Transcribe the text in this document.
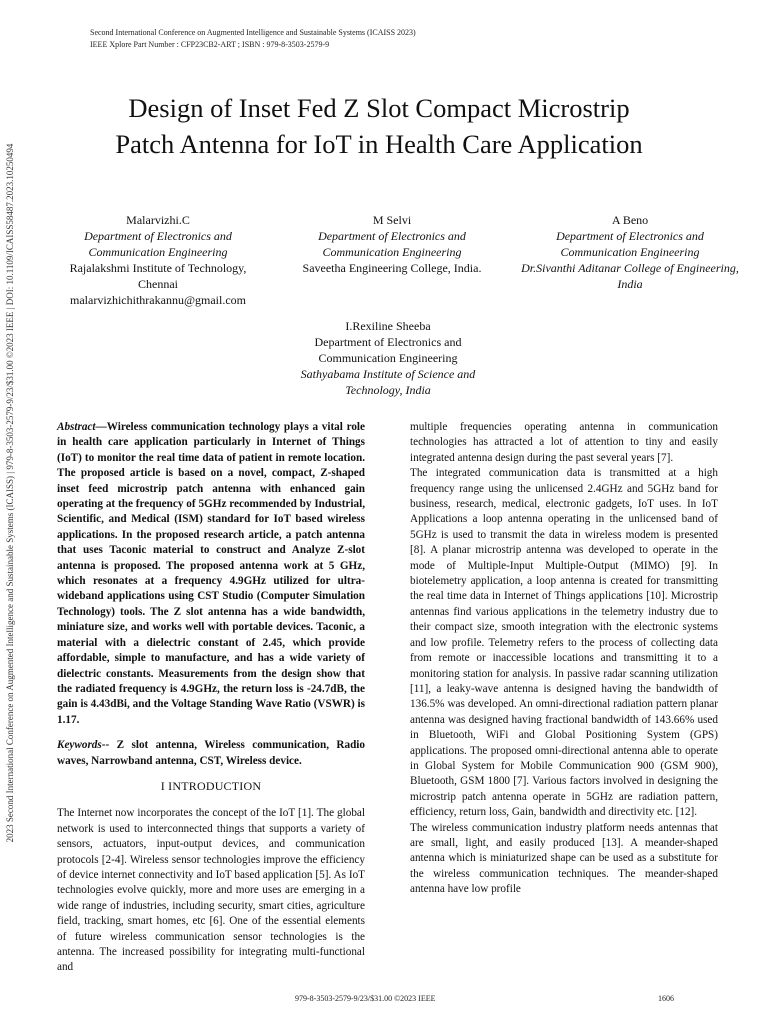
Second International Conference on Augmented Intelligence and Sustainable Systems (ICAISS 2023)
IEEE Xplore Part Number : CFP23CB2-ART ; ISBN : 979-8-3503-2579-9
2023 Second International Conference on Augmented Intelligence and Sustainable Systems (ICAISS) | 979-8-3503-2579-9/23/$31.00 ©2023 IEEE | DOI: 10.1109/ICAISS58487.2023.10250494
Design of Inset Fed Z Slot Compact Microstrip Patch Antenna for IoT in Health Care Application
Malarvizhi.C
Department of Electronics and Communication Engineering
Rajalakshmi Institute of Technology, Chennai
malarvizhichithrakannu@gmail.com
M Selvi
Department of Electronics and Communication Engineering
Saveetha Engineering College, India.
A Beno
Department of Electronics and Communication Engineering
Dr.Sivanthi Aditanar College of Engineering, India
I.Rexiline Sheeba
Department of Electronics and Communication Engineering
Sathyabama Institute of Science and Technology, India

Abstract—Wireless communication technology plays a vital role in health care application particularly in Internet of Things (IoT) to monitor the real time data of patient in remote location. The proposed article is based on a novel, compact, Z-shaped inset feed microstrip patch antenna with enhanced gain operating at the frequency of 5GHz recommended by Industrial, Scientific, and Medical (ISM) standard for IoT based wireless applications. In the proposed research article, a patch antenna that uses Taconic material to construct and Analyze Z-slot antenna is proposed. The proposed antenna work at 5 GHz, which resonates at a frequency 4.9GHz utilized for ultra-wideband applications using CST Studio (Computer Simulation Technology) tools. The Z slot antenna has a wide bandwidth, miniature size, and works well with portable devices. Taconic, a material with a dielectric constant of 2.45, which provide affordable, simple to manufacture, and has a wide variety of dielectric constants. Measurements from the design show that the radiated frequency is 4.9GHz, the return loss is -24.7dB, the gain is 4.43dBi, and the Voltage Standing Wave Ratio (VSWR) is 1.17.

Keywords-- Z slot antenna, Wireless communication, Radio waves, Narrowband antenna, CST, Wireless device.

I INTRODUCTION

The Internet now incorporates the concept of the IoT [1]. The global network is used to interconnected things that supports a variety of sensors, actuators, input-output devices, and communication protocols [2-4]. Wireless sensor technologies improve the efficiency of device internet connectivity and IoT based application [5]. As IoT technologies evolve quickly, more and more uses are emerging in a wide range of industries, including security, smart cities, agriculture field, tracking, smart homes, etc [6]. One of the essential elements of future wireless communication sensor technologies is the antenna. The increased possibility for integrating multi-functional and

multiple frequencies operating antenna in communication technologies has attracted a lot of attention to tiny and easily integrated antenna design during the past several years [7].

The integrated communication data is transmitted at a high frequency range using the unlicensed 2.4GHz and 5GHz band for business, research, medical, electronic gadgets, IoT uses. In IoT Applications a loop antenna operating in the unlicensed band of 5GHz is used to transmit the data in wireless modem is presented [8]. A planar microstrip antenna was developed to operate in the mode of Multiple-Input Multiple-Output (MIMO) [9]. In biotelemetry application, a loop antenna is created for transmitting the real time data in Internet of Things applications [10]. Microstrip antennas find various applications in the telemetry industry due to their compact size, smooth integration with the electronic systems and low profile. Telemetry refers to the process of collecting data from remote or inaccessible locations and transmitting it to a monitoring station for analysis. In passive radar scanning utilization [11], a leaky-wave antenna is designed having the bandwidth of 136.5% was developed. An omni-directional radiation pattern planar antenna was designed having fractional bandwidth of 143.66% used in Bluetooth, WiFi and Global Positioning System (GPS) applications. The proposed omni-directional antenna able to operate in Global System for Mobile Communication 900 (GSM 900), Bluetooth, GSM 1800 [7]. Various factors involved in designing the microstrip patch antenna operate in 5GHz are radiation pattern, efficiency, return loss, Gain, bandwidth and directivity etc. [12].

The wireless communication industry platform needs antennas that are small, light, and easily produced [13]. A meander-shaped antenna which is miniaturized shape can be used as a substitute for the wireless communication techniques. The meander-shaped antenna have low profile

979-8-3503-2579-9/23/$31.00 ©2023 IEEE	1606
